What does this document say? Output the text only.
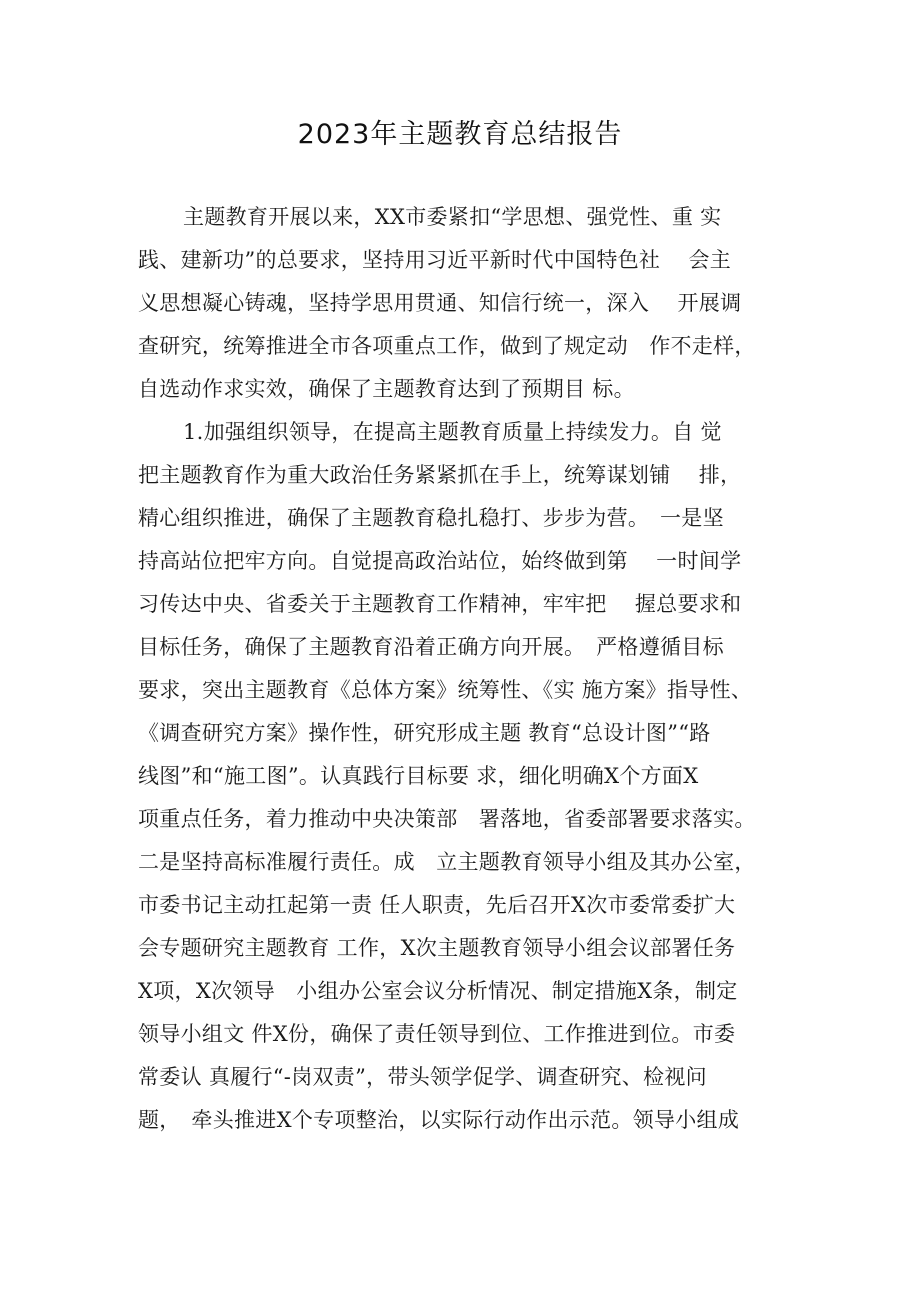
2023年主题教育总结报告
主题教育开展以来，XX市委紧扣“学思想、强党性、重 实
践、建新功”的总要求，坚持用习近平新时代中国特色社　 会主
义思想凝心铸魂，坚持学思用贯通、知信行统一，深入　 开展调
查研究，统筹推进全市各项重点工作，做到了规定动　作不走样，
自选动作求实效，确保了主题教育达到了预期目 标。
1.加强组织领导，在提高主题教育质量上持续发力。自 觉
把主题教育作为重大政治任务紧紧抓在手上，统筹谋划铺　 排，
精心组织推进，确保了主题教育稳扎稳打、步步为营。　一是坚
持高站位把牢方向。自觉提高政治站位，始终做到第　 一时间学
习传达中央、省委关于主题教育工作精神，牢牢把　 握总要求和
目标任务，确保了主题教育沿着正确方向开展。　严格遵循目标
要求，突出主题教育《总体方案》统筹性、《实 施方案》指导性、
《调查研究方案》操作性，研究形成主题 教育“总设计图”“路
线图”和“施工图”。认真践行目标要 求，细化明确X个方面X
项重点任务，着力推动中央决策部　署落地，省委部署要求落实。
二是坚持高标准履行责任。成　立主题教育领导小组及其办公室，
市委书记主动扛起第一责 任人职责，先后召开X次市委常委扩大
会专题研究主题教育 工作，X次主题教育领导小组会议部署任务
X项，X次领导　小组办公室会议分析情况、制定措施X条，制定
领导小组文 件X份，确保了责任领导到位、工作推进到位。市委
常委认 真履行“-岗双责”，带头领学促学、调查研究、检视问
题，　牵头推进X个专项整治，以实际行动作出示范。领导小组成
